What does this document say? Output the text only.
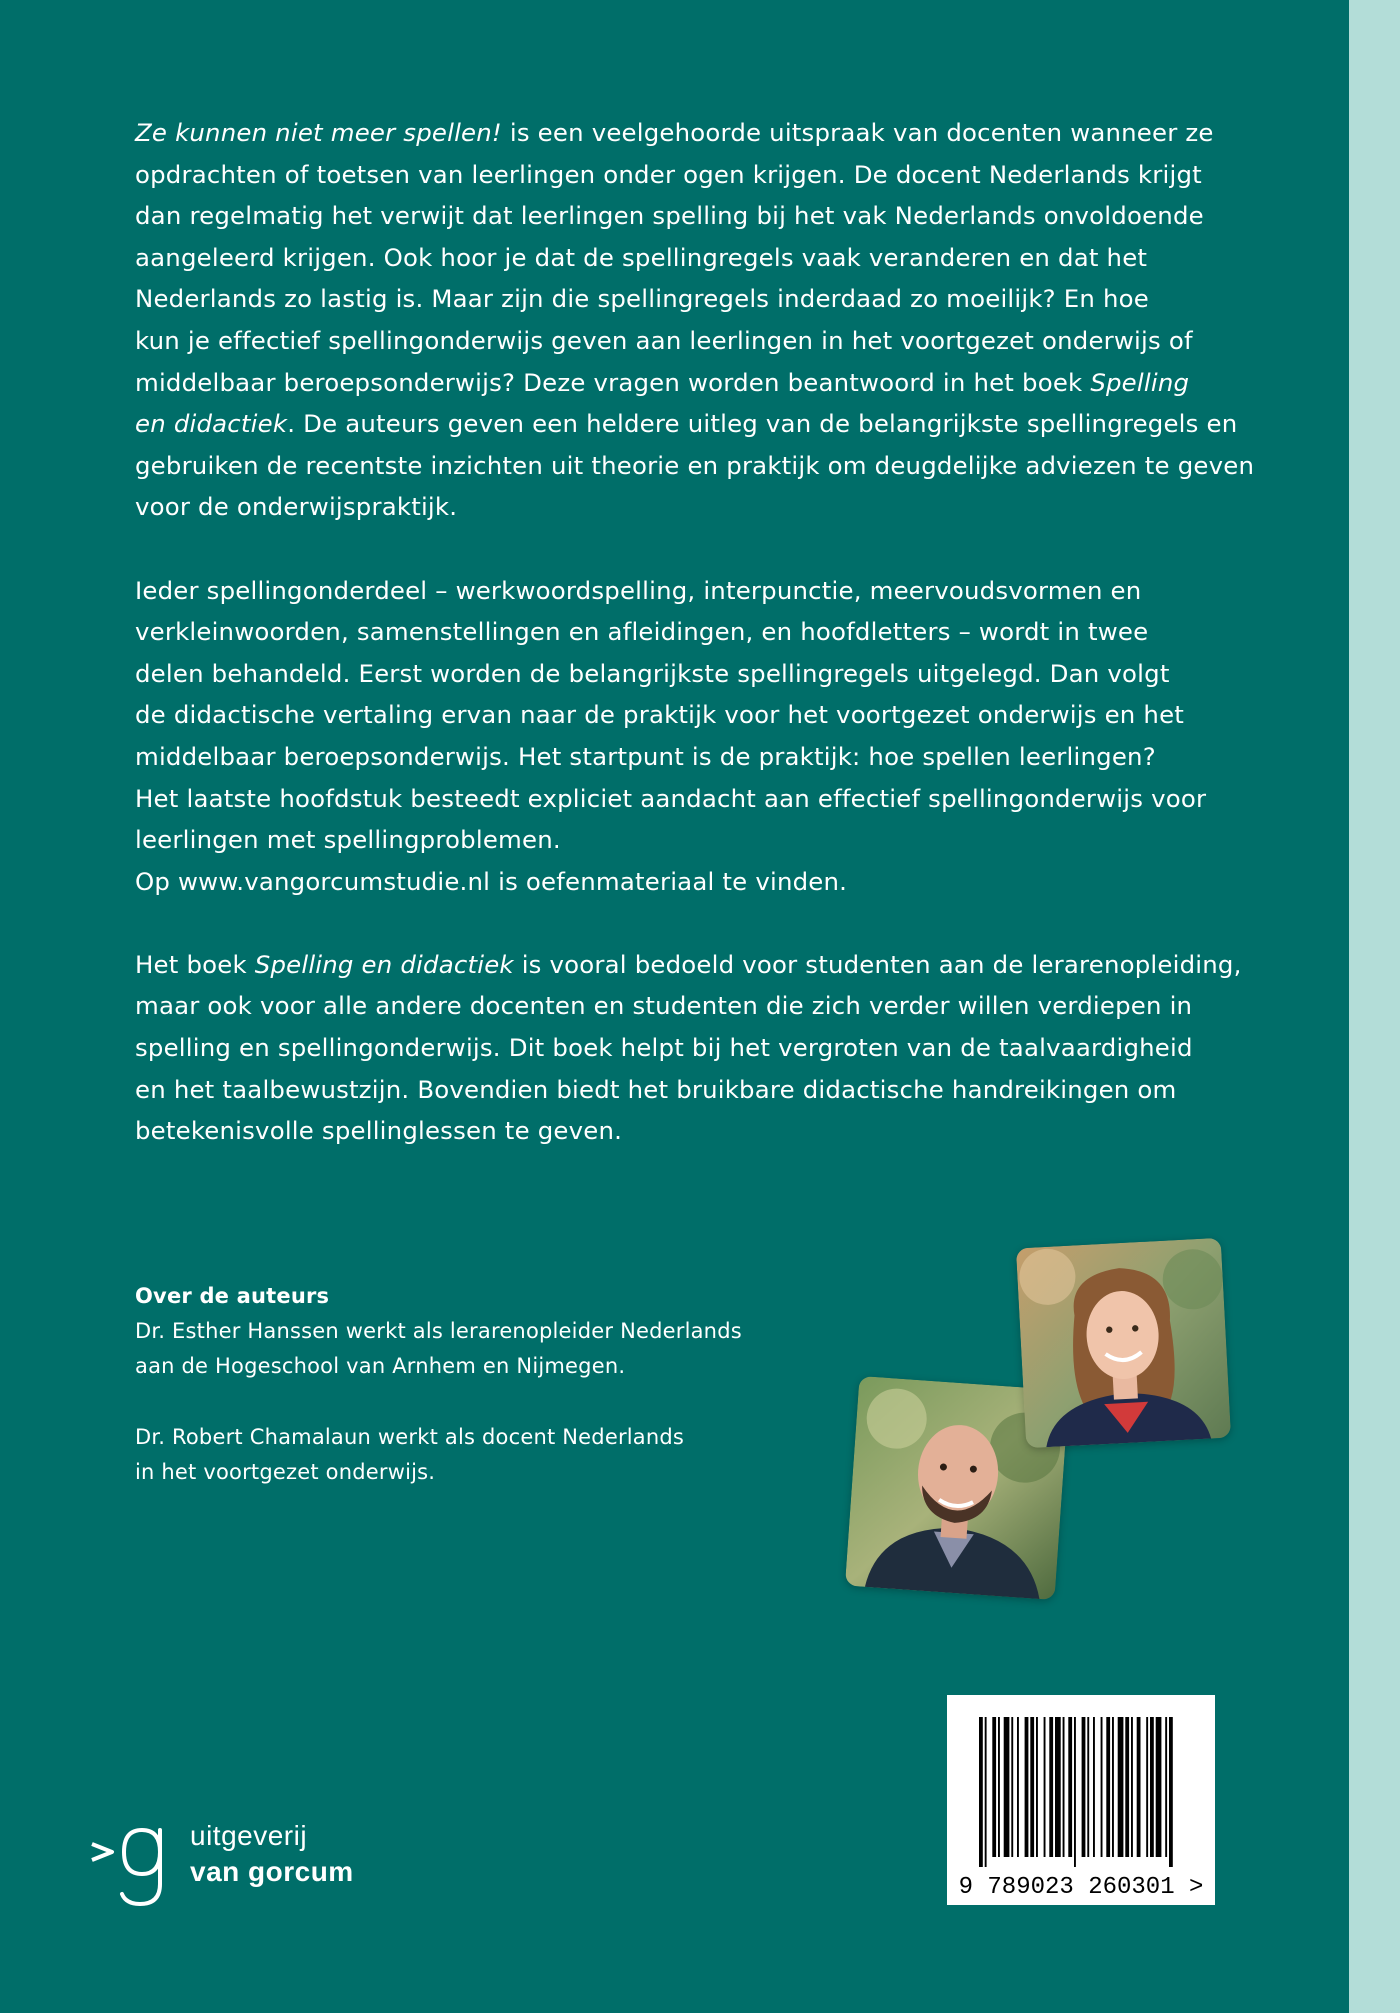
Ze kunnen niet meer spellen! is een veelgehoorde uitspraak van docenten wanneer ze
opdrachten of toetsen van leerlingen onder ogen krijgen. De docent Nederlands krijgt
dan regelmatig het verwijt dat leerlingen spelling bij het vak Nederlands onvoldoende
aangeleerd krijgen. Ook hoor je dat de spellingregels vaak veranderen en dat het
Nederlands zo lastig is. Maar zijn die spellingregels inderdaad zo moeilijk? En hoe
kun je effectief spellingonderwijs geven aan leerlingen in het voortgezet onderwijs of
middelbaar beroepsonderwijs? Deze vragen worden beantwoord in het boek Spelling
en didactiek. De auteurs geven een heldere uitleg van de belangrijkste spellingregels en
gebruiken de recentste inzichten uit theorie en praktijk om deugdelijke adviezen te geven
voor de onderwijspraktijk.

Ieder spellingonderdeel – werkwoordspelling, interpunctie, meervoudsvormen en
verkleinwoorden, samenstellingen en afleidingen, en hoofdletters – wordt in twee
delen behandeld. Eerst worden de belangrijkste spellingregels uitgelegd. Dan volgt
de didactische vertaling ervan naar de praktijk voor het voortgezet onderwijs en het
middelbaar beroepsonderwijs. Het startpunt is de praktijk: hoe spellen leerlingen?
Het laatste hoofdstuk besteedt expliciet aandacht aan effectief spellingonderwijs voor
leerlingen met spellingproblemen.
Op www.vangorcumstudie.nl is oefenmateriaal te vinden.

Het boek Spelling en didactiek is vooral bedoeld voor studenten aan de lerarenopleiding,
maar ook voor alle andere docenten en studenten die zich verder willen verdiepen in
spelling en spellingonderwijs. Dit boek helpt bij het vergroten van de taalvaardigheid
en het taalbewustzijn. Bovendien biedt het bruikbare didactische handreikingen om
betekenisvolle spellinglessen te geven.

Over de auteurs
Dr. Esther Hanssen werkt als lerarenopleider Nederlands
aan de Hogeschool van Arnhem en Nijmegen.
Dr. Robert Chamalaun werkt als docent Nederlands
in het voortgezet onderwijs.
9 789023 260301 >
uitgeverij
van gorcum
